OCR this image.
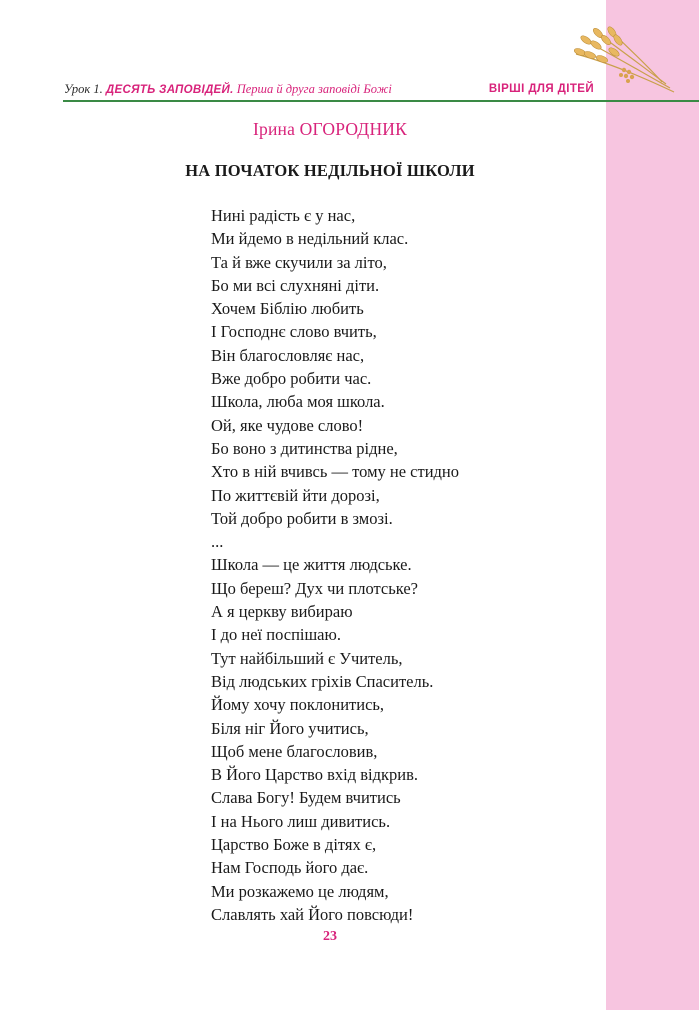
Урок 1. ДЕСЯТЬ ЗАПОВІДЕЙ. Перша й друга заповіді Божі	ВІРШІ ДЛЯ ДІТЕЙ
Ірина ОГОРОДНИК
НА ПОЧАТОК НЕДІЛЬНОЇ ШКОЛИ
Нині радість є у нас,
Ми йдемо в недільний клас.
Та й вже скучили за літо,
Бо ми всі слухняні діти.
Хочем Біблію любить
І Господнє слово вчить,
Він благословляє нас,
Вже добро робити час.
Школа, люба моя школа.
Ой, яке чудове слово!
Бо воно з дитинства рідне,
Хто в ній вчивсь — тому не стидно
По життєвій йти дорозі,
Той добро робити в змозі.
...
Школа — це життя людське.
Що береш? Дух чи плотське?
А я церкву вибираю
І до неї поспішаю.
Тут найбільший є Учитель,
Від людських гріхів Спаситель.
Йому хочу поклонитись,
Біля ніг Його учитись,
Щоб мене благословив,
В Його Царство вхід відкрив.
Слава Богу! Будем вчитись
І на Нього лиш дивитись.
Царство Боже в дітях є,
Нам Господь його дає.
Ми розкажемо це людям,
Славлять хай Його повсюди!
23
